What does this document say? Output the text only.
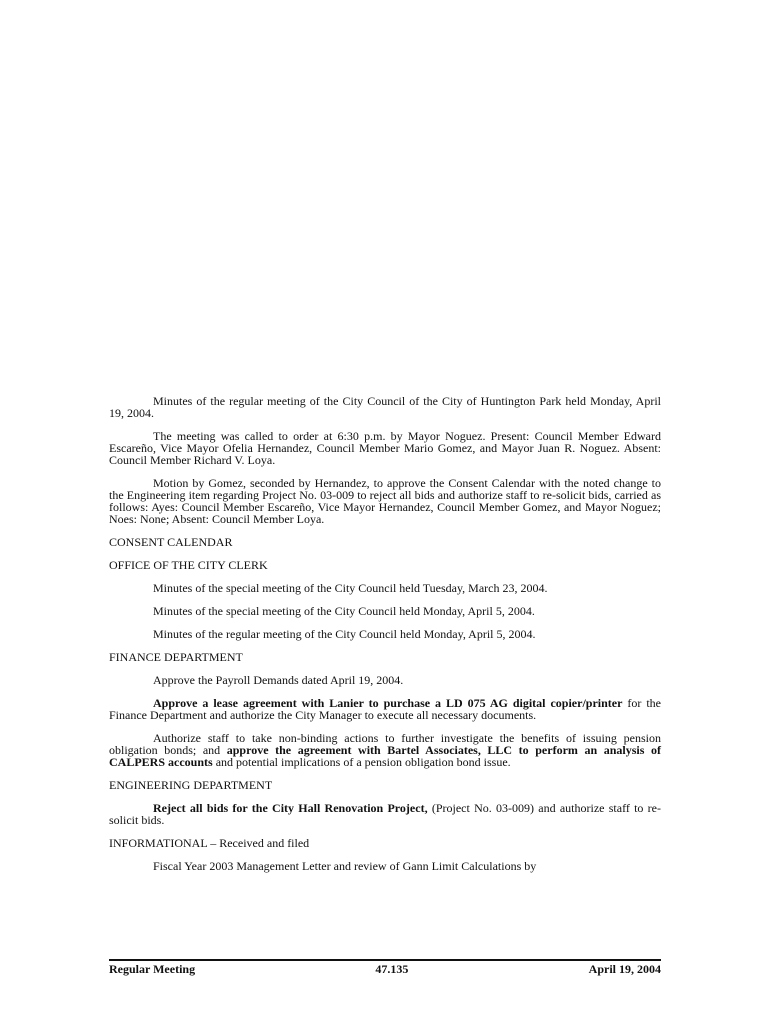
Minutes of the regular meeting of the City Council of the City of Huntington Park held Monday, April 19, 2004.

The meeting was called to order at 6:30 p.m. by Mayor Noguez. Present: Council Member Edward Escareño, Vice Mayor Ofelia Hernandez, Council Member Mario Gomez, and Mayor Juan R. Noguez. Absent: Council Member Richard V. Loya.

Motion by Gomez, seconded by Hernandez, to approve the Consent Calendar with the noted change to the Engineering item regarding Project No. 03-009 to reject all bids and authorize staff to re-solicit bids, carried as follows: Ayes: Council Member Escareño, Vice Mayor Hernandez, Council Member Gomez, and Mayor Noguez; Noes: None; Absent: Council Member Loya.

CONSENT CALENDAR

OFFICE OF THE CITY CLERK

Minutes of the special meeting of the City Council held Tuesday, March 23, 2004.

Minutes of the special meeting of the City Council held Monday, April 5, 2004.

Minutes of the regular meeting of the City Council held Monday, April 5, 2004.

FINANCE DEPARTMENT

Approve the Payroll Demands dated April 19, 2004.

Approve a lease agreement with Lanier to purchase a LD 075 AG digital copier/printer for the Finance Department and authorize the City Manager to execute all necessary documents.

Authorize staff to take non-binding actions to further investigate the benefits of issuing pension obligation bonds; and approve the agreement with Bartel Associates, LLC to perform an analysis of CALPERS accounts and potential implications of a pension obligation bond issue.

ENGINEERING DEPARTMENT

Reject all bids for the City Hall Renovation Project, (Project No. 03-009) and authorize staff to re-solicit bids.

INFORMATIONAL – Received and filed

Fiscal Year 2003 Management Letter and review of Gann Limit Calculations by

Regular Meeting	47.135	April 19, 2004
